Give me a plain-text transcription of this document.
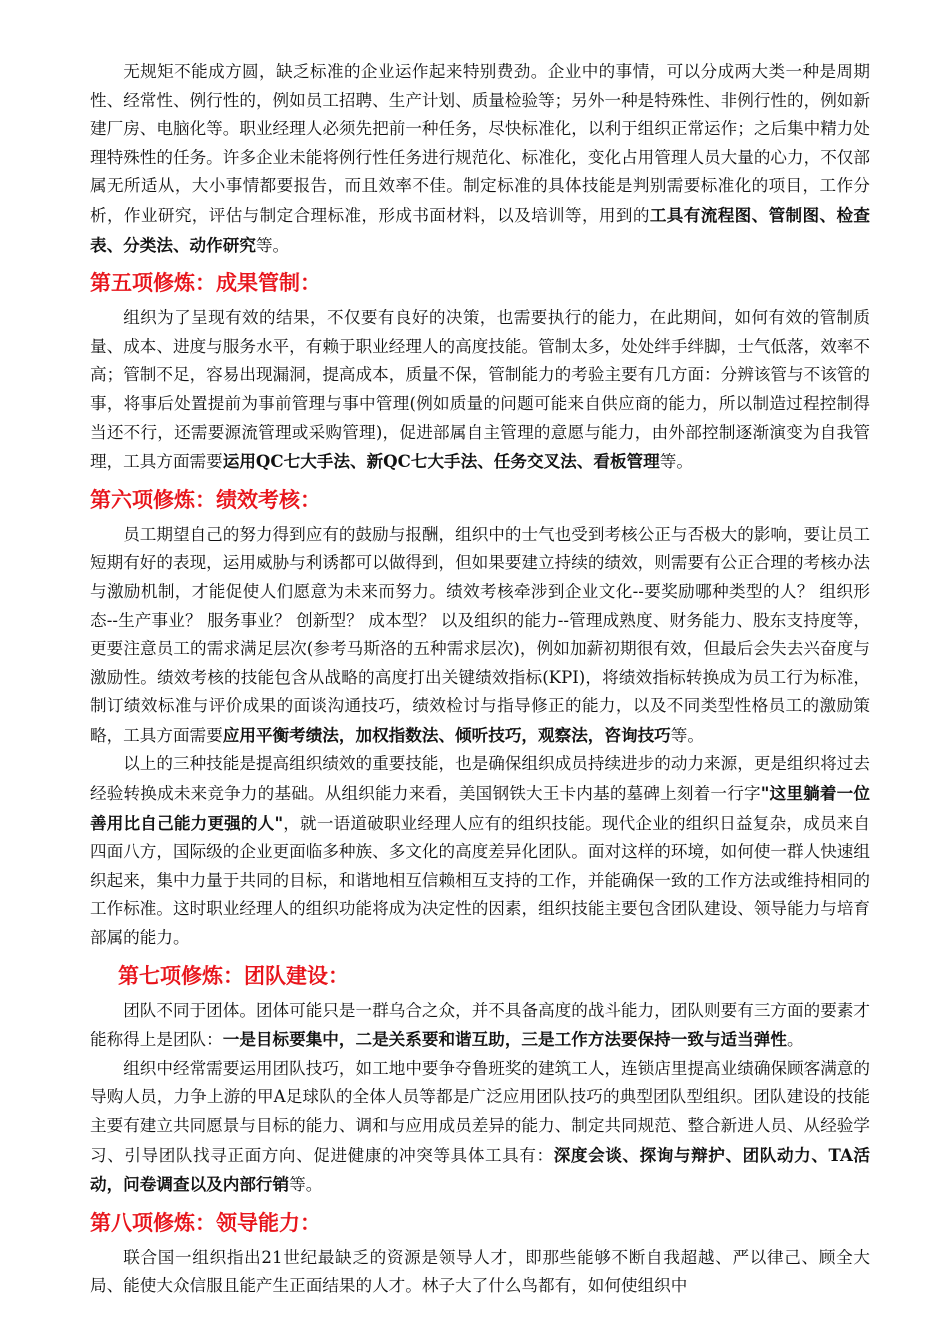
无规矩不能成方圆，缺乏标准的企业运作起来特别费劲。企业中的事情，可以分成两大类一种是周期性、经常性、例行性的，例如员工招聘、生产计划、质量检验等；另外一种是特殊性、非例行性的，例如新建厂房、电脑化等。职业经理人必须先把前一种任务，尽快标准化，以利于组织正常运作；之后集中精力处理特殊性的任务。许多企业未能将例行性任务进行规范化、标准化，变化占用管理人员大量的心力，不仅部属无所适从，大小事情都要报告，而且效率不佳。制定标准的具体技能是判别需要标准化的项目，工作分析，作业研究，评估与制定合理标准，形成书面材料，以及培训等，用到的工具有流程图、管制图、检查表、分类法、动作研究等。

第五项修炼：成果管制：

组织为了呈现有效的结果，不仅要有良好的决策，也需要执行的能力，在此期间，如何有效的管制质量、成本、进度与服务水平，有赖于职业经理人的高度技能。管制太多，处处绊手绊脚，士气低落，效率不高；管制不足，容易出现漏洞，提高成本，质量不保，管制能力的考验主要有几方面：分辨该管与不该管的事，将事后处置提前为事前管理与事中管理(例如质量的问题可能来自供应商的能力，所以制造过程控制得当还不行，还需要源流管理或采购管理)，促进部属自主管理的意愿与能力，由外部控制逐渐演变为自我管理，工具方面需要运用QC七大手法、新QC七大手法、任务交叉法、看板管理等。

第六项修炼：绩效考核：

员工期望自己的努力得到应有的鼓励与报酬，组织中的士气也受到考核公正与否极大的影响，要让员工短期有好的表现，运用威胁与利诱都可以做得到，但如果要建立持续的绩效，则需要有公正合理的考核办法与激励机制，才能促使人们愿意为未来而努力。绩效考核牵涉到企业文化--要奖励哪种类型的人？ 组织形态--生产事业？ 服务事业？ 创新型？ 成本型？ 以及组织的能力--管理成熟度、财务能力、股东支持度等，更要注意员工的需求满足层次(参考马斯洛的五种需求层次)，例如加薪初期很有效，但最后会失去兴奋度与激励性。绩效考核的技能包含从战略的高度打出关键绩效指标(KPI)，将绩效指标转换成为员工行为标准，制订绩效标准与评价成果的面谈沟通技巧，绩效检讨与指导修正的能力，以及不同类型性格员工的激励策略，工具方面需要应用平衡考绩法，加权指数法、倾听技巧，观察法，咨询技巧等。

以上的三种技能是提高组织绩效的重要技能，也是确保组织成员持续进步的动力来源，更是组织将过去经验转换成未来竞争力的基础。从组织能力来看，美国钢铁大王卡内基的墓碑上刻着一行字"这里躺着一位善用比自己能力更强的人"，就一语道破职业经理人应有的组织技能。现代企业的组织日益复杂，成员来自四面八方，国际级的企业更面临多种族、多文化的高度差异化团队。面对这样的环境，如何使一群人快速组织起来，集中力量于共同的目标，和谐地相互信赖相互支持的工作，并能确保一致的工作方法或维持相同的工作标准。这时职业经理人的组织功能将成为决定性的因素，组织技能主要包含团队建设、领导能力与培育部属的能力。

第七项修炼：团队建设：

团队不同于团体。团体可能只是一群乌合之众，并不具备高度的战斗能力，团队则要有三方面的要素才能称得上是团队：一是目标要集中，二是关系要和谐互助，三是工作方法要保持一致与适当弹性。

组织中经常需要运用团队技巧，如工地中要争夺鲁班奖的建筑工人，连锁店里提高业绩确保顾客满意的导购人员，力争上游的甲A足球队的全体人员等都是广泛应用团队技巧的典型团队型组织。团队建设的技能主要有建立共同愿景与目标的能力、调和与应用成员差异的能力、制定共同规范、整合新进人员、从经验学习、引导团队找寻正面方向、促进健康的冲突等具体工具有：深度会谈、探询与辩护、团队动力、TA活动，问卷调查以及内部行销等。

第八项修炼：领导能力：

联合国一组织指出21世纪最缺乏的资源是领导人才，即那些能够不断自我超越、严以律己、顾全大局、能使大众信服且能产生正面结果的人才。林子大了什么鸟都有，如何使组织中
